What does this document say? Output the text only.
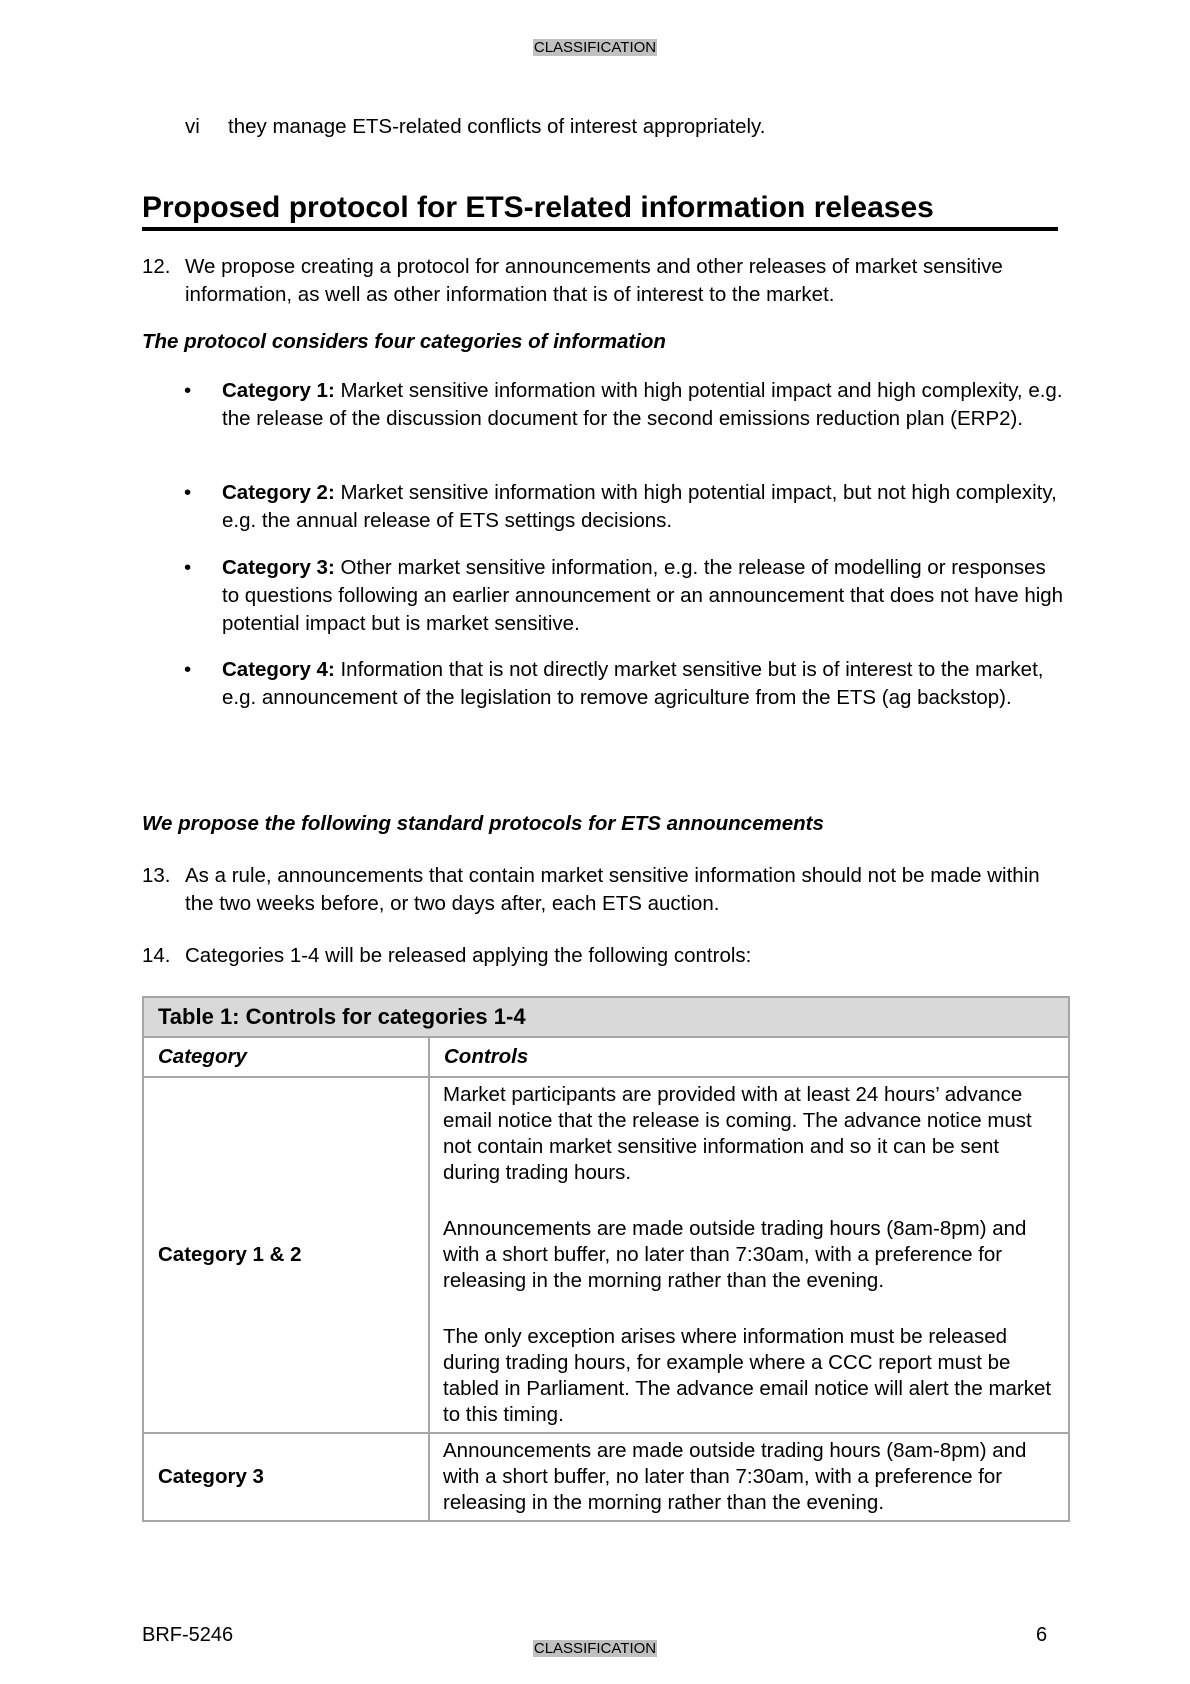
CLASSIFICATION
vi they manage ETS-related conflicts of interest appropriately.
Proposed protocol for ETS-related information releases
12. We propose creating a protocol for announcements and other releases of market sensitive information, as well as other information that is of interest to the market.
The protocol considers four categories of information
•	Category 1: Market sensitive information with high potential impact and high complexity, e.g. the release of the discussion document for the second emissions reduction plan (ERP2).
•	Category 2: Market sensitive information with high potential impact, but not high complexity, e.g. the annual release of ETS settings decisions.
•	Category 3: Other market sensitive information, e.g. the release of modelling or responses to questions following an earlier announcement or an announcement that does not have high potential impact but is market sensitive.
•	Category 4: Information that is not directly market sensitive but is of interest to the market, e.g. announcement of the legislation to remove agriculture from the ETS (ag backstop).
We propose the following standard protocols for ETS announcements
13. As a rule, announcements that contain market sensitive information should not be made within the two weeks before, or two days after, each ETS auction.
14. Categories 1-4 will be released applying the following controls:
Table 1: Controls for categories 1-4	
Category	Controls
Category 1 & 2	Market participants are provided with at least 24 hours’ advance email notice that the release is coming. The advance notice must not contain market sensitive information and so it can be sent during trading hours.

Announcements are made outside trading hours (8am-8pm) and with a short buffer, no later than 7:30am, with a preference for releasing in the morning rather than the evening.

The only exception arises where information must be released during trading hours, for example where a CCC report must be tabled in Parliament. The advance email notice will alert the market to this timing.

Category 3	Announcements are made outside trading hours (8am-8pm) and with a short buffer, no later than 7:30am, with a preference for releasing in the morning rather than the evening.

BRF-5246	6
CLASSIFICATION
